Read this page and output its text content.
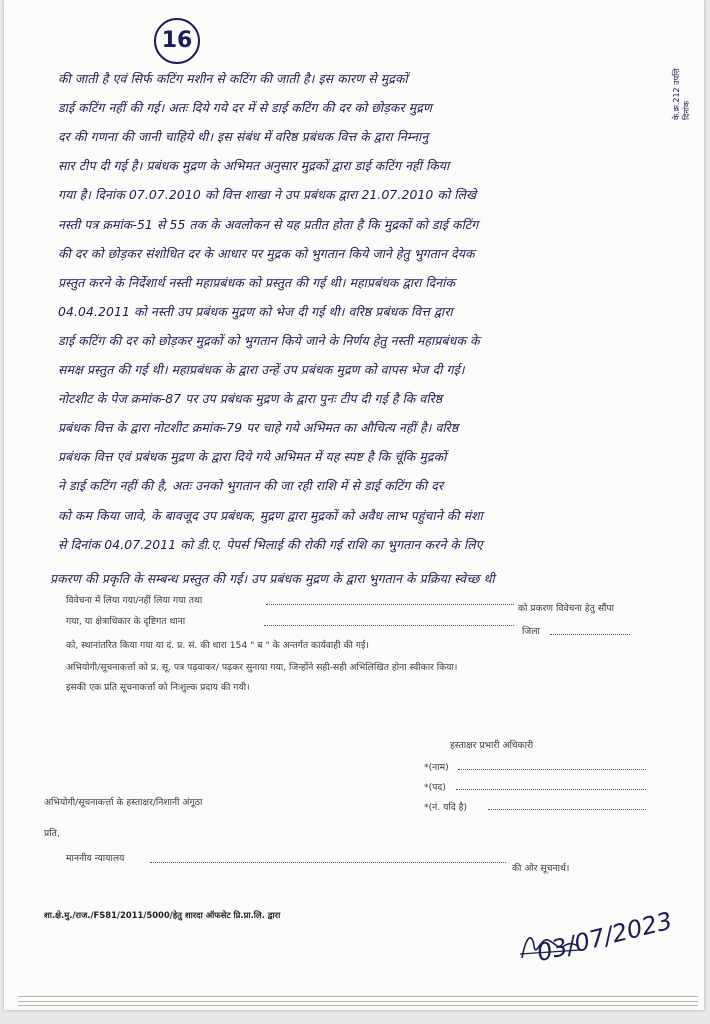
16
के.क्र.212 उपत्ति दिनांक
की जाती है एवं सिर्फ कटिंग मशीन से कटिंग की जाती है। इस कारण से मुद्रकों
डाई कटिंग नहीं की गई। अतः दिये गये दर में से डाई कटिंग की दर को छोड़कर मुद्रण
दर की गणना की जानी चाहिये थी। इस संबंध में वरिष्ठ प्रबंधक वित्त के द्वारा निम्नानु
सार टीप दी गई है। प्रबंधक मुद्रण के अभिमत अनुसार मुद्रकों द्वारा डाई कटिंग नहीं किया
गया है। दिनांक 07.07.2010 को वित्त शाखा ने उप प्रबंधक द्वारा 21.07.2010 को लिखे
नस्ती पत्र क्रमांक-51 से 55 तक के अवलोकन से यह प्रतीत होता है कि मुद्रकों को डाई कटिंग
की दर को छोड़कर संशोधित दर के आधार पर मुद्रक को भुगतान किये जाने हेतु भुगतान देयक
प्रस्तुत करने के निर्देशार्थ नस्ती महाप्रबंधक को प्रस्तुत की गई थी। महाप्रबंधक द्वारा दिनांक
04.04.2011 को नस्ती उप प्रबंधक मुद्रण को भेज दी गई थी। वरिष्ठ प्रबंधक वित्त द्वारा
डाई कटिंग की दर को छोड़कर मुद्रकों को भुगतान किये जाने के निर्णय हेतु नस्ती महाप्रबंधक के
समक्ष प्रस्तुत की गई थी। महाप्रबंधक के द्वारा उन्हें उप प्रबंधक मुद्रण को वापस भेज दी गई।
नोटशीट के पेज क्रमांक-87 पर उप प्रबंधक मुद्रण के द्वारा पुनः टीप दी गई है कि वरिष्ठ
प्रबंधक वित्त के द्वारा नोटशीट क्रमांक-79 पर चाहे गये अभिमत का औचित्य नहीं है। वरिष्ठ
प्रबंधक वित्त एवं प्रबंधक मुद्रण के द्वारा दिये गये अभिमत में यह स्पष्ट है कि चूंकि मुद्रकों
ने डाई कटिंग नहीं की है, अतः उनको भुगतान की जा रही राशि में से डाई कटिंग की दर
को कम किया जावे, के बावजूद उप प्रबंधक, मुद्रण द्वारा मुद्रकों को अवैध लाभ पहुंचाने की मंशा
से दिनांक 04.07.2011 को डी.ए. पेपर्स भिलाई की रोकी गई राशि का भुगतान करने के लिए
प्रकरण की प्रकृति के सम्बन्ध प्रस्तुत की गई। उप प्रबंधक मुद्रण के द्वारा भुगतान के प्रक्रिया स्वेच्छ थी
विवेचना में लिया गया/नहीं लिया गया तथा
को प्रकरण विवेचना हेतु सौंपा
गया, या क्षेत्राधिकार के दृष्टिगत थाना
जिला
को, स्थानांतरित किया गया या दं. प्र. सं. की धारा 154 " ब " के अन्तर्गत कार्यवाही की गई।
अभियोगी/सूचनाकर्त्ता को प्र. सू. पत्र पढ़वाकर/ पढ़कर सुनाया गया, जिन्होंने सही-सही अभिलिखित होना स्वीकार किया।
इसकी एक प्रति सूचनाकर्त्ता को निःशुल्क प्रदाय की गयी।
हस्ताक्षर प्रभारी अधिकारी
*(नाम)
*(पद)
*(नं. यदि है)
अभियोगी/सूचनाकर्त्ता के हस्ताक्षर/निशानी अंगूठा
प्रति,
माननीय न्यायालय
की ओर सूचनार्थ।
शा.क्षे.मु./राज./FS81/2011/5000/हेतु शारदा ऑफसेट प्रि.प्रा.लि. द्वारा	03/07/2023
